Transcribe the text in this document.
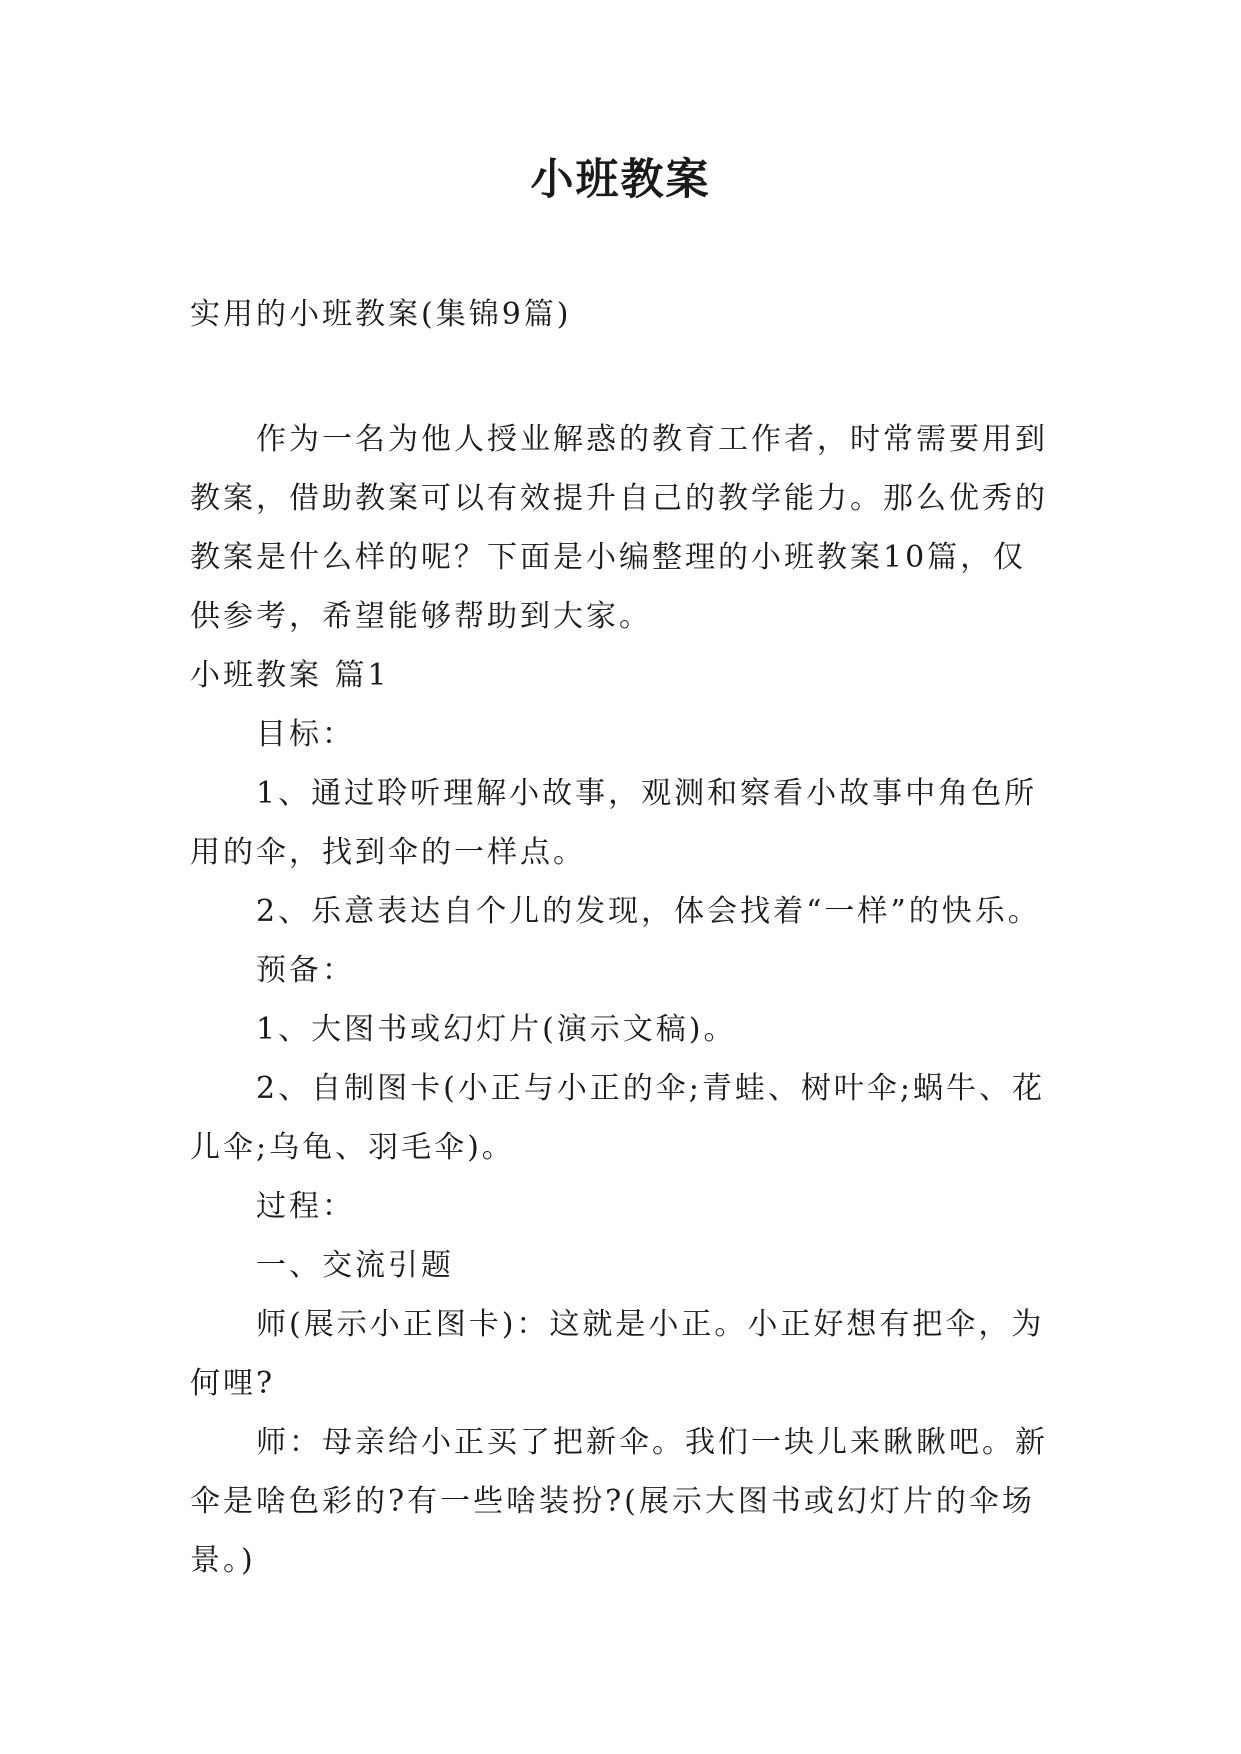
小班教案
实用的小班教案(集锦9篇)
作为一名为他人授业解惑的教育工作者，时常需要用到
教案，借助教案可以有效提升自己的教学能力。那么优秀的
教案是什么样的呢？下面是小编整理的小班教案10篇，仅
供参考，希望能够帮助到大家。
小班教案 篇1
目标：
1、通过聆听理解小故事，观测和察看小故事中角色所
用的伞，找到伞的一样点。
2、乐意表达自个儿的发现，体会找着“一样”的快乐。
预备：
1、大图书或幻灯片(演示文稿)。
2、自制图卡(小正与小正的伞;青蛙、树叶伞;蜗牛、花
儿伞;乌龟、羽毛伞)。
过程：
一、交流引题
师(展示小正图卡)：这就是小正。小正好想有把伞，为
何哩?
师：母亲给小正买了把新伞。我们一块儿来瞅瞅吧。新
伞是啥色彩的?有一些啥装扮?(展示大图书或幻灯片的伞场
景。)
